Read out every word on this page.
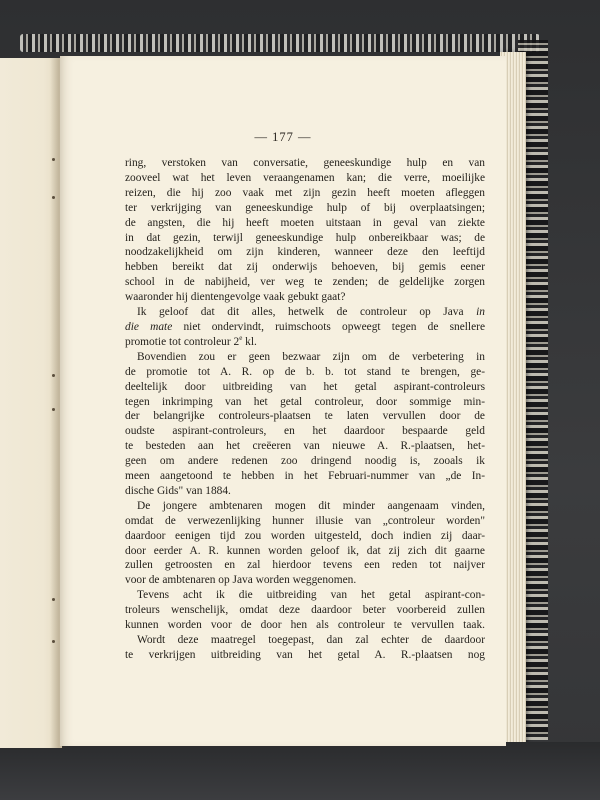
— 177 —
ring, verstoken van conversatie, geneeskundige hulp en van
zooveel wat het leven veraangenamen kan; die verre, moeilijke
reizen, die hij zoo vaak met zijn gezin heeft moeten afleggen
ter verkrijging van geneeskundige hulp of bij overplaatsingen;
de angsten, die hij heeft moeten uitstaan in geval van ziekte
in dat gezin, terwijl geneeskundige hulp onbereikbaar was; de
noodzakelijkheid om zijn kinderen, wanneer deze den leeftijd
hebben bereikt dat zij onderwijs behoeven, bij gemis eener
school in de nabijheid, ver weg te zenden; de geldelijke zorgen
waaronder hij dientengevolge vaak gebukt gaat?
Ik geloof dat dit alles, hetwelk de controleur op Java in
die mate niet ondervindt, ruimschoots opweegt tegen de snellere
promotie tot controleur 2e kl.
Bovendien zou er geen bezwaar zijn om de verbetering in
de promotie tot A. R. op de b. b. tot stand te brengen, ge-
deeltelijk door uitbreiding van het getal aspirant-controleurs
tegen inkrimping van het getal controleur, door sommige min-
der belangrijke controleurs-plaatsen te laten vervullen door de
oudste aspirant-controleurs, en het daardoor bespaarde geld
te besteden aan het creëeren van nieuwe A. R.-plaatsen, het-
geen om andere redenen zoo dringend noodig is, zooals ik
meen aangetoond te hebben in het Februari-nummer van „de In-
dische Gids" van 1884.
De jongere ambtenaren mogen dit minder aangenaam vinden,
omdat de verwezenlijking hunner illusie van „controleur worden"
daardoor eenigen tijd zou worden uitgesteld, doch indien zij daar-
door eerder A. R. kunnen worden geloof ik, dat zij zich dit gaarne
zullen getroosten en zal hierdoor tevens een reden tot naijver
voor de ambtenaren op Java worden weggenomen.
Tevens acht ik die uitbreiding van het getal aspirant-con-
troleurs wenschelijk, omdat deze daardoor beter voorbereid zullen
kunnen worden voor de door hen als controleur te vervullen taak.
Wordt deze maatregel toegepast, dan zal echter de daardoor
te verkrijgen uitbreiding van het getal A. R.-plaatsen nog
